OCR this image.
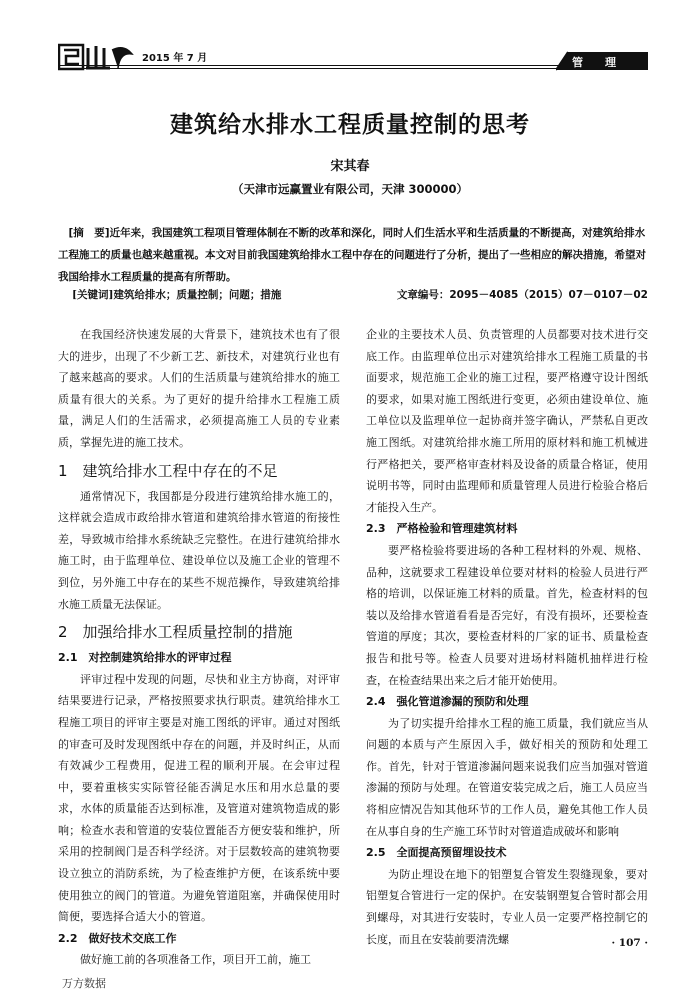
2015 年 7 月	管理
建筑给水排水工程质量控制的思考
宋其春
（天津市远赢置业有限公司，天津 300000）

　[摘　要]近年来，我国建筑工程项目管理体制在不断的改革和深化，同时人们生活水平和生活质量的不断提高，对建筑给排水工程施工的质量也越来越重视。本文对目前我国建筑给排水工程中存在的问题进行了分析，提出了一些相应的解决措施，希望对我国给排水工程质量的提高有所帮助。

[关键词]建筑给排水；质量控制；问题；措施	文章编号：2095－4085（2015）07－0107－02

在我国经济快速发展的大背景下，建筑技术也有了很大的进步，出现了不少新工艺、新技术，对建筑行业也有了越来越高的要求。人们的生活质量与建筑给排水的施工质量有很大的关系。为了更好的提升给排水工程施工质量，满足人们的生活需求，必须提高施工人员的专业素质，掌握先进的施工技术。

1　建筑给排水工程中存在的不足

通常情况下，我国都是分段进行建筑给排水施工的，这样就会造成市政给排水管道和建筑给排水管道的衔接性差，导致城市给排水系统缺乏完整性。在进行建筑给排水施工时，由于监理单位、建设单位以及施工企业的管理不到位，另外施工中存在的某些不规范操作，导致建筑给排水施工质量无法保证。

2　加强给排水工程质量控制的措施
2.1　对控制建筑给排水的评审过程

评审过程中发现的问题，尽快和业主方协商，对评审结果要进行记录，严格按照要求执行职责。建筑给排水工程施工项目的评审主要是对施工图纸的评审。通过对图纸的审查可及时发现图纸中存在的问题，并及时纠正，从而有效减少工程费用，促进工程的顺利开展。在会审过程中，要着重核实实际管径能否满足水压和用水总量的要求，水体的质量能否达到标准，及管道对建筑物造成的影响；检查水表和管道的安装位置能否方便安装和维护，所采用的控制阀门是否科学经济。对于层数较高的建筑物要设立独立的消防系统，为了检查维护方便，在该系统中要使用独立的阀门的管道。为避免管道阻塞，并确保使用时简便，要选择合适大小的管道。

2.2　做好技术交底工作

做好施工前的各项准备工作，项目开工前，施工

企业的主要技术人员、负责管理的人员都要对技术进行交底工作。由监理单位出示对建筑给排水工程施工质量的书面要求，规范施工企业的施工过程，要严格遵守设计图纸的要求，如果对施工图纸进行变更，必须由建设单位、施工单位以及监理单位一起协商并签字确认，严禁私自更改施工图纸。对建筑给排水施工所用的原材料和施工机械进行严格把关，要严格审查材料及设备的质量合格证，使用说明书等，同时由监理师和质量管理人员进行检验合格后才能投入生产。

2.3　严格检验和管理建筑材料

要严格检验将要进场的各种工程材料的外观、规格、品种，这就要求工程建设单位要对材料的检验人员进行严格的培训，以保证施工材料的质量。首先，检查材料的包装以及给排水管道看看是否完好，有没有损坏，还要检查管道的厚度；其次，要检查材料的厂家的证书、质量检查报告和批号等。检查人员要对进场材料随机抽样进行检查，在检查结果出来之后才能开始使用。

2.4　强化管道渗漏的预防和处理

为了切实提升给排水工程的施工质量，我们就应当从问题的本质与产生原因入手，做好相关的预防和处理工作。首先，针对于管道渗漏问题来说我们应当加强对管道渗漏的预防与处理。在管道安装完成之后，施工人员应当将相应情况告知其他环节的工作人员，避免其他工作人员在从事自身的生产施工环节时对管道造成破坏和影响

2.5　全面提高预留埋设技术

为防止埋设在地下的铝塑复合管发生裂缝现象，要对铝塑复合管进行一定的保护。在安装钢塑复合管时都会用到螺母，对其进行安装时，专业人员一定要严格控制它的长度，而且在安装前要清洗螺	· 107 ·
万方数据
